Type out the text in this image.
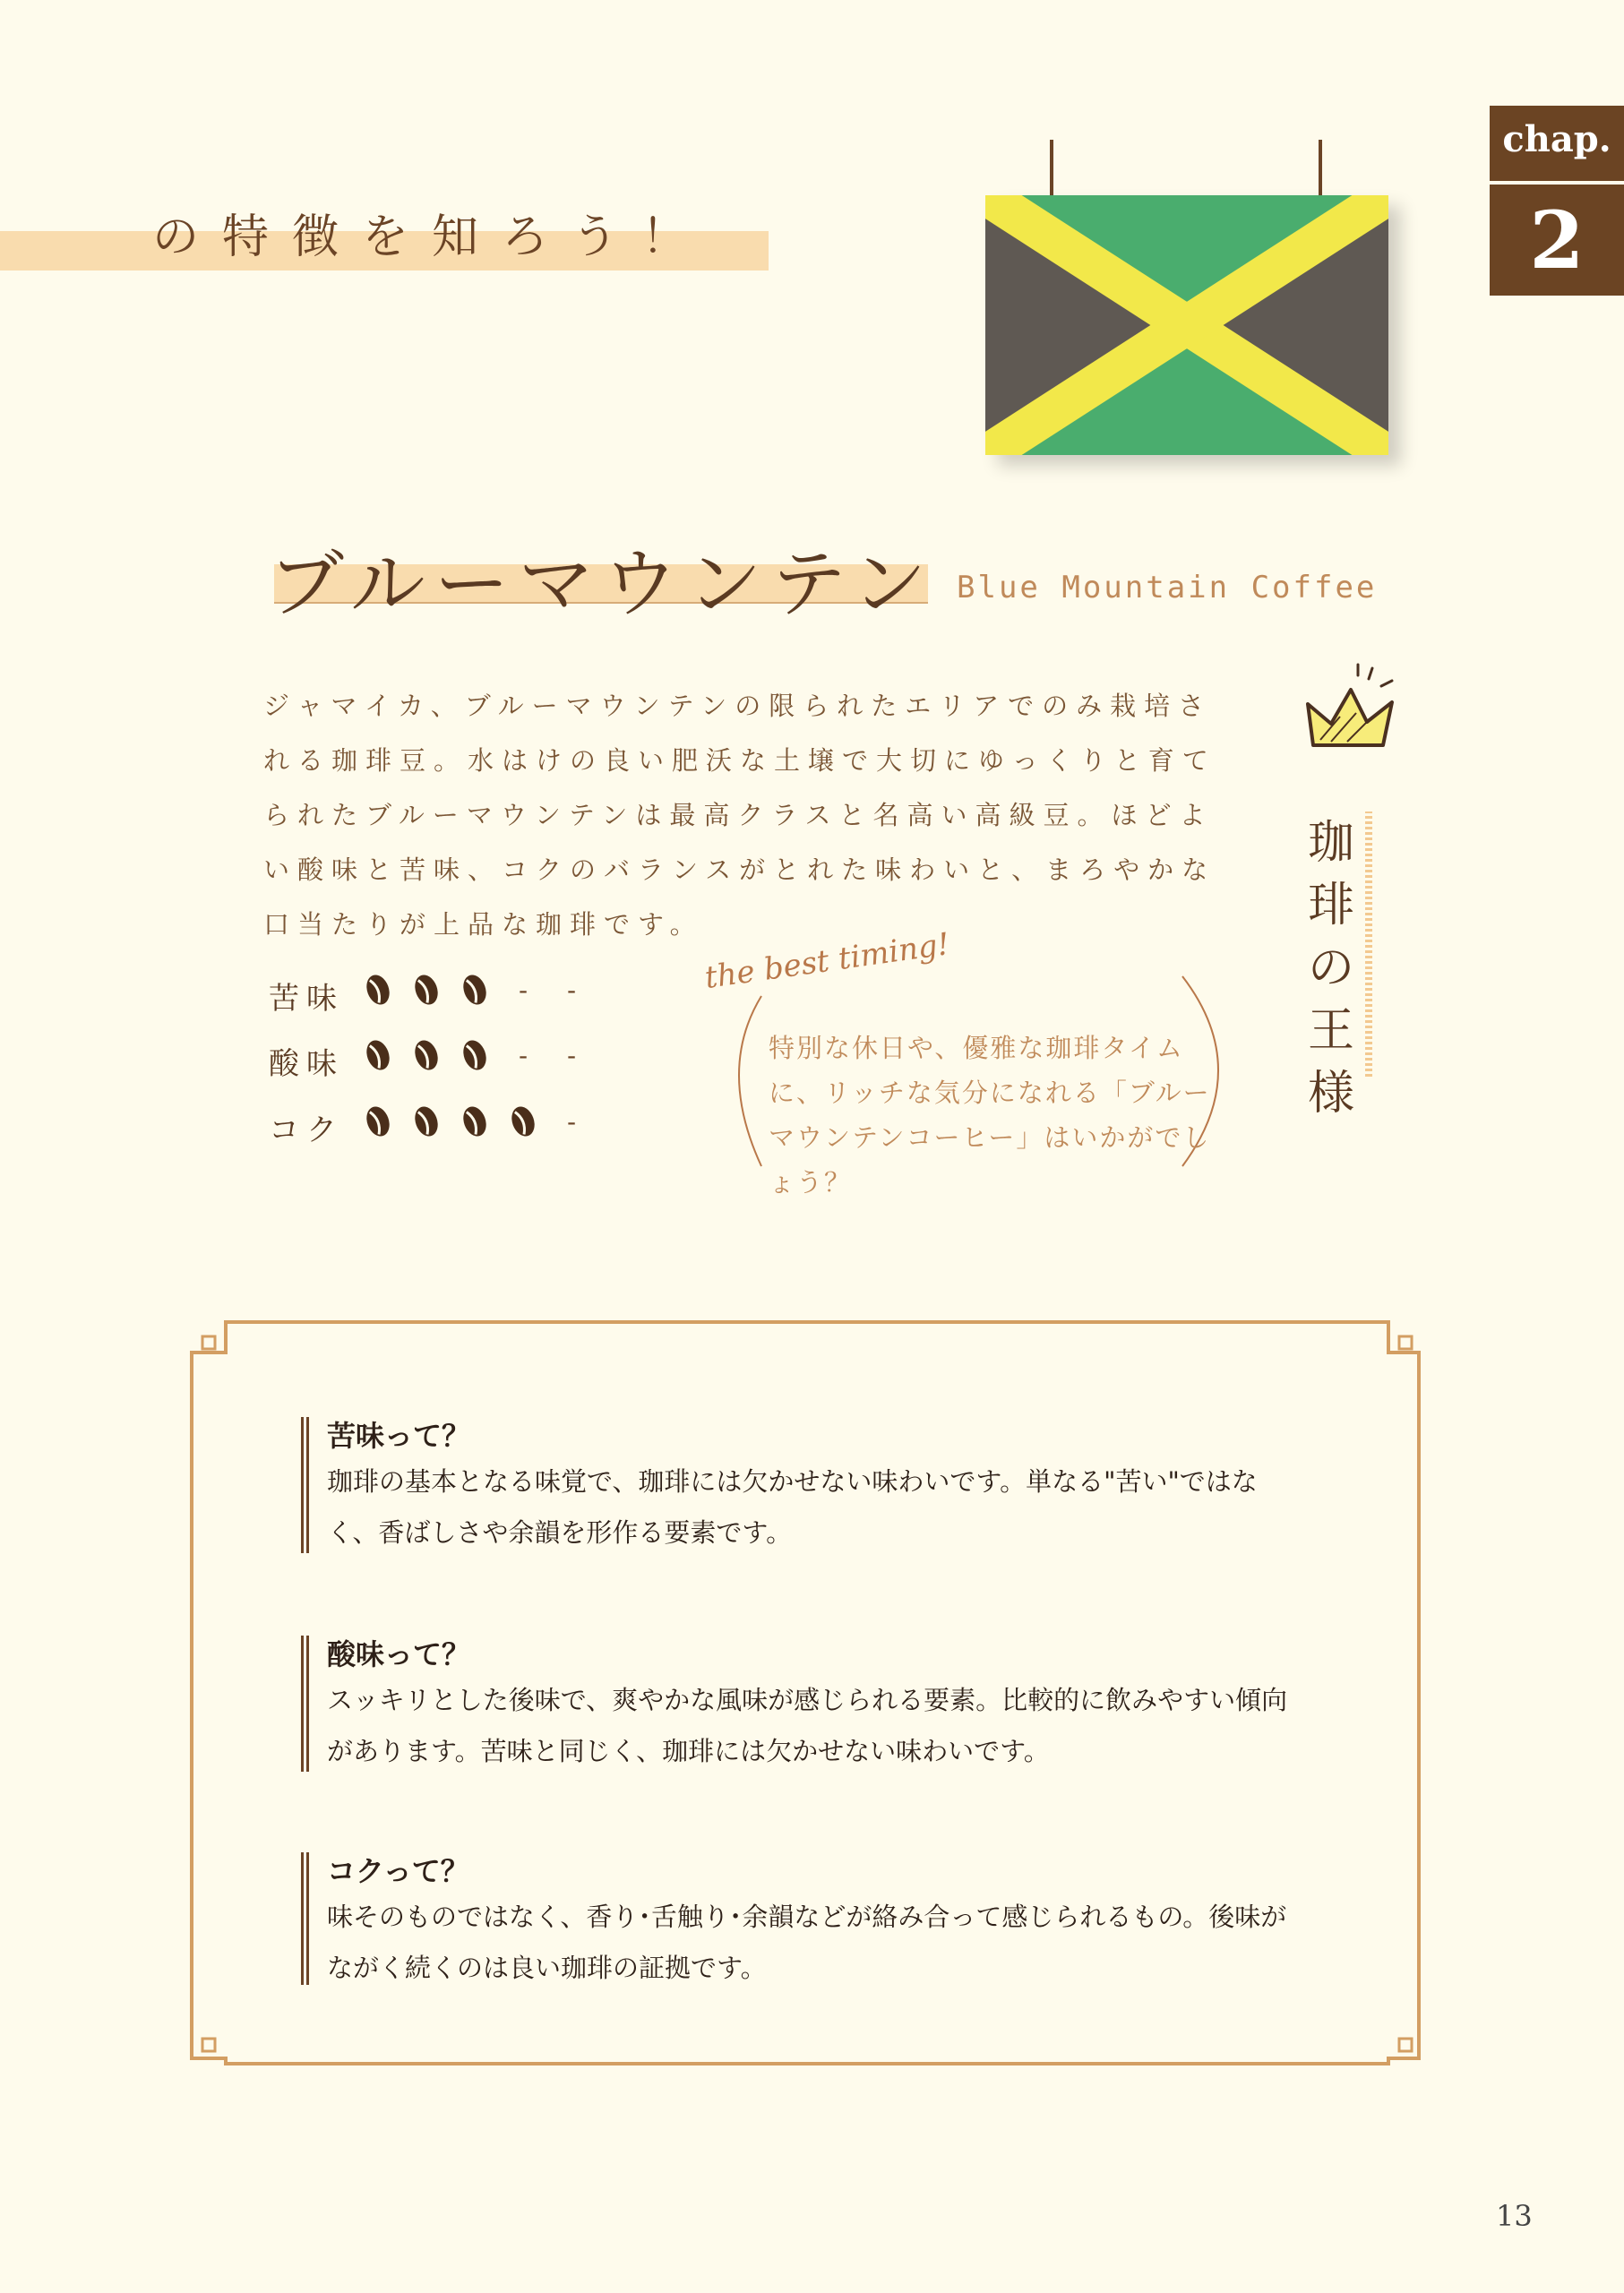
の特徴を知ろう！
chap.
2
ブルーマウンテン Blue Mountain Coffee
ジャマイカ、ブルーマウンテンの限られたエリアでのみ栽培される珈琲豆。水はけの良い肥沃な土壌で大切にゆっくりと育てられたブルーマウンテンは最高クラスと名高い高級豆。ほどよい酸味と苦味、コクのバランスがとれた味わいと、まろやかな口当たりが上品な珈琲です。
珈琲の王様
苦味	- -
酸味	- -
コク	-
the best timing!
特別な休日や、優雅な珈琲タイムに、リッチな気分になれる「ブルーマウンテンコーヒー」はいかがでしょう？
苦味って？
珈琲の基本となる味覚で、珈琲には欠かせない味わいです。単なる"苦い"ではなく、香ばしさや余韻を形作る要素です。
酸味って？
スッキリとした後味で、爽やかな風味が感じられる要素。比較的に飲みやすい傾向があります。苦味と同じく、珈琲には欠かせない味わいです。
コクって？
味そのものではなく、香り･舌触り･余韻などが絡み合って感じられるもの。後味がながく続くのは良い珈琲の証拠です。
13
